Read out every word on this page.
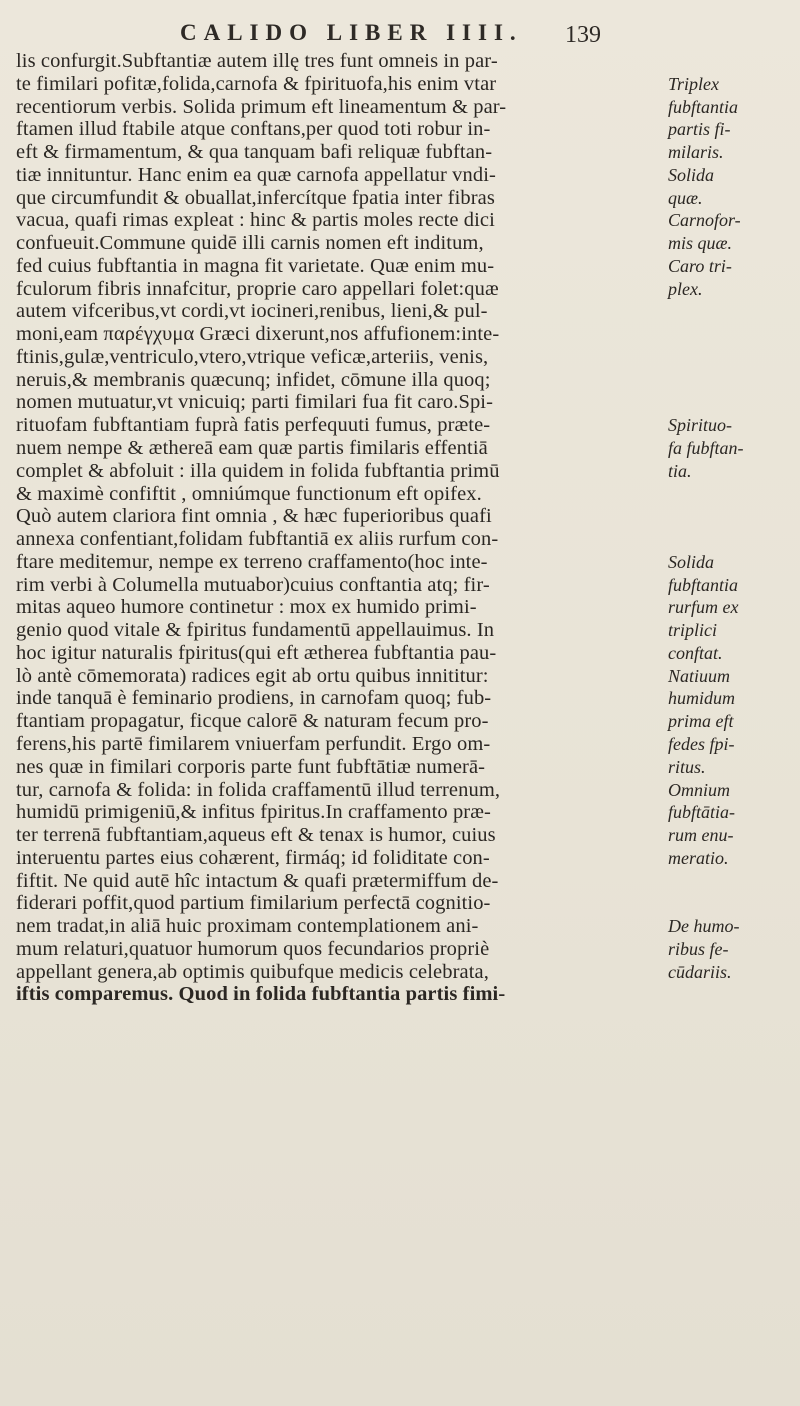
CALIDO LIBER IIII. 139
lis confurgit.Subftantiæ autem illę tres funt omneis in par-
te fimilari pofitæ,folida,carnofa & fpirituofa,his enim vtar
recentiorum verbis. Solida primum eft lineamentum & par-
ftamen illud ftabile atque conftans,per quod toti robur in-
eft & firmamentum, & qua tanquam bafi reliquæ fubftan-
tiæ innituntur. Hanc enim ea quæ carnofa appellatur vndi-
que circumfundit & obuallat,infercítque fpatia inter fibras
vacua, quafi rimas expleat : hinc & partis moles recte dici
confueuit.Commune quidē illi carnis nomen eft inditum,
fed cuius fubftantia in magna fit varietate. Quæ enim mu-
fculorum fibris innafcitur, proprie caro appellari folet:quæ
autem vifceribus,vt cordi,vt iocineri,renibus, lieni,& pul-
moni,eam παρέγχυμα Græci dixerunt,nos affufionem:inte-
ftinis,gulæ,ventriculo,vtero,vtrique veficæ,arteriis, venis,
neruis,& membranis quæcunq; infidet, cōmune illa quoq;
nomen mutuatur,vt vnicuiq; parti fimilari fua fit caro.Spi-
rituofam fubftantiam fuprà fatis perfequuti fumus, præte-
nuem nempe & æthereā eam quæ partis fimilaris effentiā
complet & abfoluit : illa quidem in folida fubftantia primū
& maximè confiftit , omniúmque functionum eft opifex.
Quò autem clariora fint omnia , & hæc fuperioribus quafi
annexa confentiant,folidam fubftantiā ex aliis rurfum con-
ftare meditemur, nempe ex terreno craffamento(hoc inte-
rim verbi à Columella mutuabor)cuius conftantia atq; fir-
mitas aqueo humore continetur : mox ex humido primi-
genio quod vitale & fpiritus fundamentū appellauimus. In
hoc igitur naturalis fpiritus(qui eft ætherea fubftantia pau-
lò antè cōmemorata) radices egit ab ortu quibus innititur:
inde tanquā è feminario prodiens, in carnofam quoq; fub-
ftantiam propagatur, ficque calorē & naturam fecum pro-
ferens,his partē fimilarem vniuerfam perfundit. Ergo om-
nes quæ in fimilari corporis parte funt fubftātiæ numerā-
tur, carnofa & folida: in folida craffamentū illud terrenum,
humidū primigeniū,& infitus fpiritus.In craffamento præ-
ter terrenā fubftantiam,aqueus eft & tenax is humor, cuius
interuentu partes eius cohærent, firmáq; id foliditate con-
fiftit. Ne quid autē hîc intactum & quafi prætermiffum de-
fiderari poffit,quod partium fimilarium perfectā cognitio-
nem tradat,in aliā huic proximam contemplationem ani-
mum relaturi,quatuor humorum quos fecundarios propriè
appellant genera,ab optimis quibufque medicis celebrata,
iftis comparemus. Quod in folida fubftantia partis fimi-
Triplex
fubftantia
partis fi-
milaris.
Solida
quæ.
Carnofor-
mis quæ.
Caro tri-
plex.
Spirituo-
fa fubftan-
tia.
Solida
fubftantia
rurfum ex
triplici
conftat.
Natiuum
humidum
prima eft
fedes fpi-
ritus.
Omnium
fubftātia-
rum enu-
meratio.
De humo-
ribus fe-
cūdariis.
